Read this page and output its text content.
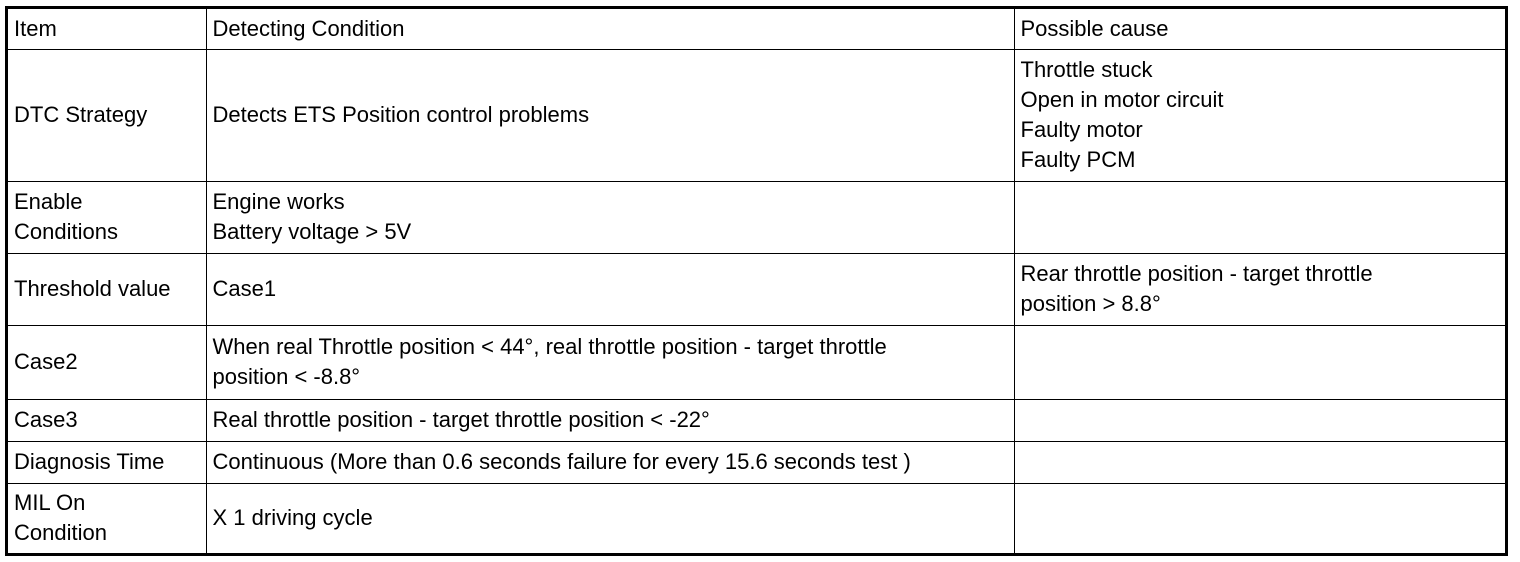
Item	Detecting Condition	Possible cause

DTC Strategy	Detects ETS Position control problems	Throttle stuck
Open in motor circuit
Faulty motor
Faulty PCM

Enable
Conditions	Engine works
Battery voltage > 5V	

Threshold value	Case1	Rear throttle position - target throttle
position > 8.8°

Case2	When real Throttle position < 44°, real throttle position - target throttle
position < -8.8°	

Case3	Real throttle position - target throttle position < -22°	

Diagnosis Time	Continuous (More than 0.6 seconds failure for every 15.6 seconds test )	

MIL On
Condition	X 1 driving cycle	
